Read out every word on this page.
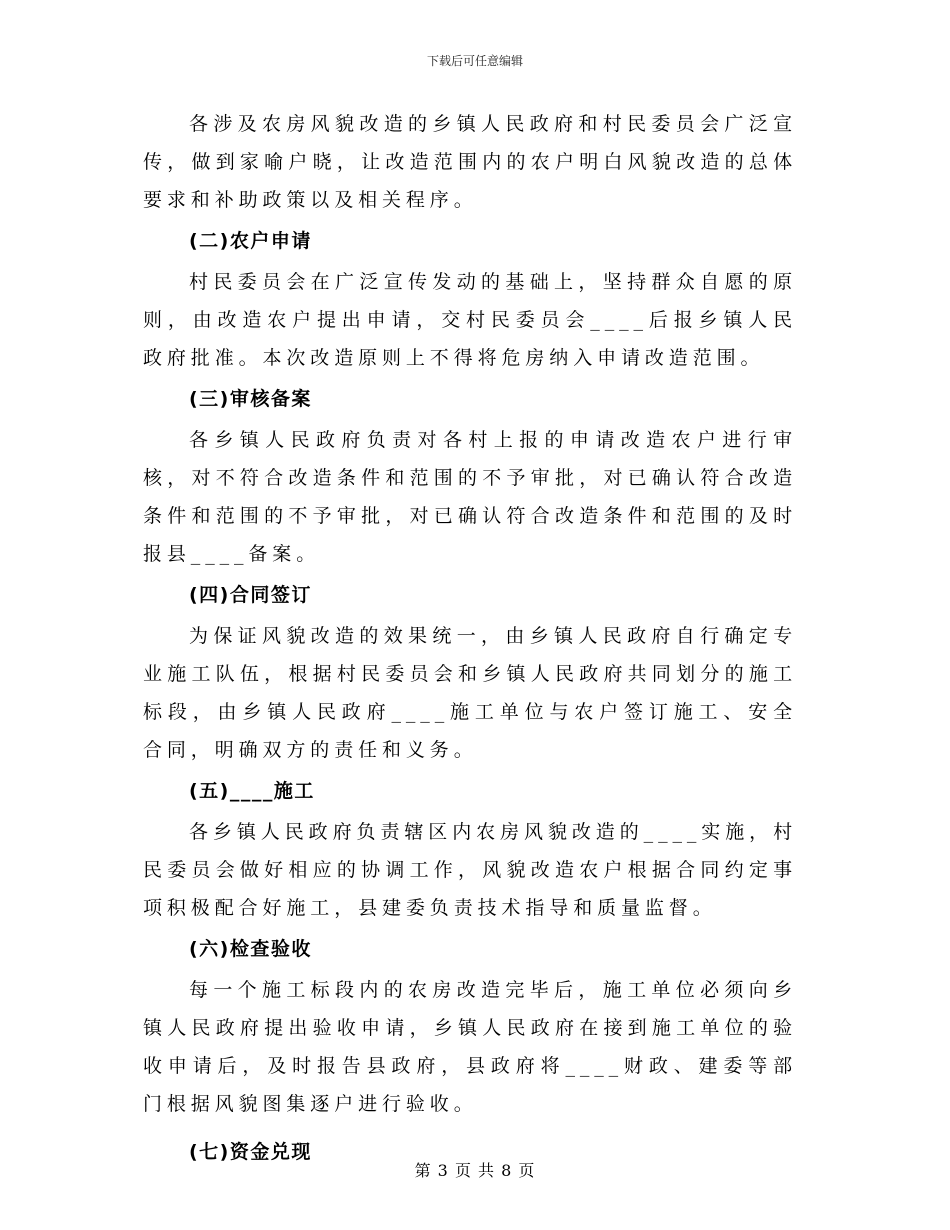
下载后可任意编辑

各涉及农房风貌改造的乡镇人民政府和村民委员会广泛宣传，做到家喻户晓，让改造范围内的农户明白风貌改造的总体要求和补助政策以及相关程序。

(二)农户申请

村民委员会在广泛宣传发动的基础上，坚持群众自愿的原则，由改造农户提出申请，交村民委员会____后报乡镇人民政府批准。本次改造原则上不得将危房纳入申请改造范围。

(三)审核备案

各乡镇人民政府负责对各村上报的申请改造农户进行审核，对不符合改造条件和范围的不予审批，对已确认符合改造条件和范围的不予审批，对已确认符合改造条件和范围的及时报县____备案。

(四)合同签订

为保证风貌改造的效果统一，由乡镇人民政府自行确定专业施工队伍，根据村民委员会和乡镇人民政府共同划分的施工标段，由乡镇人民政府____施工单位与农户签订施工、安全合同，明确双方的责任和义务。

(五)____施工

各乡镇人民政府负责辖区内农房风貌改造的____实施，村民委员会做好相应的协调工作，风貌改造农户根据合同约定事项积极配合好施工，县建委负责技术指导和质量监督。

(六)检查验收

每一个施工标段内的农房改造完毕后，施工单位必须向乡镇人民政府提出验收申请，乡镇人民政府在接到施工单位的验收申请后，及时报告县政府，县政府将____财政、建委等部门根据风貌图集逐户进行验收。

(七)资金兑现
第 3 页 共 8 页
